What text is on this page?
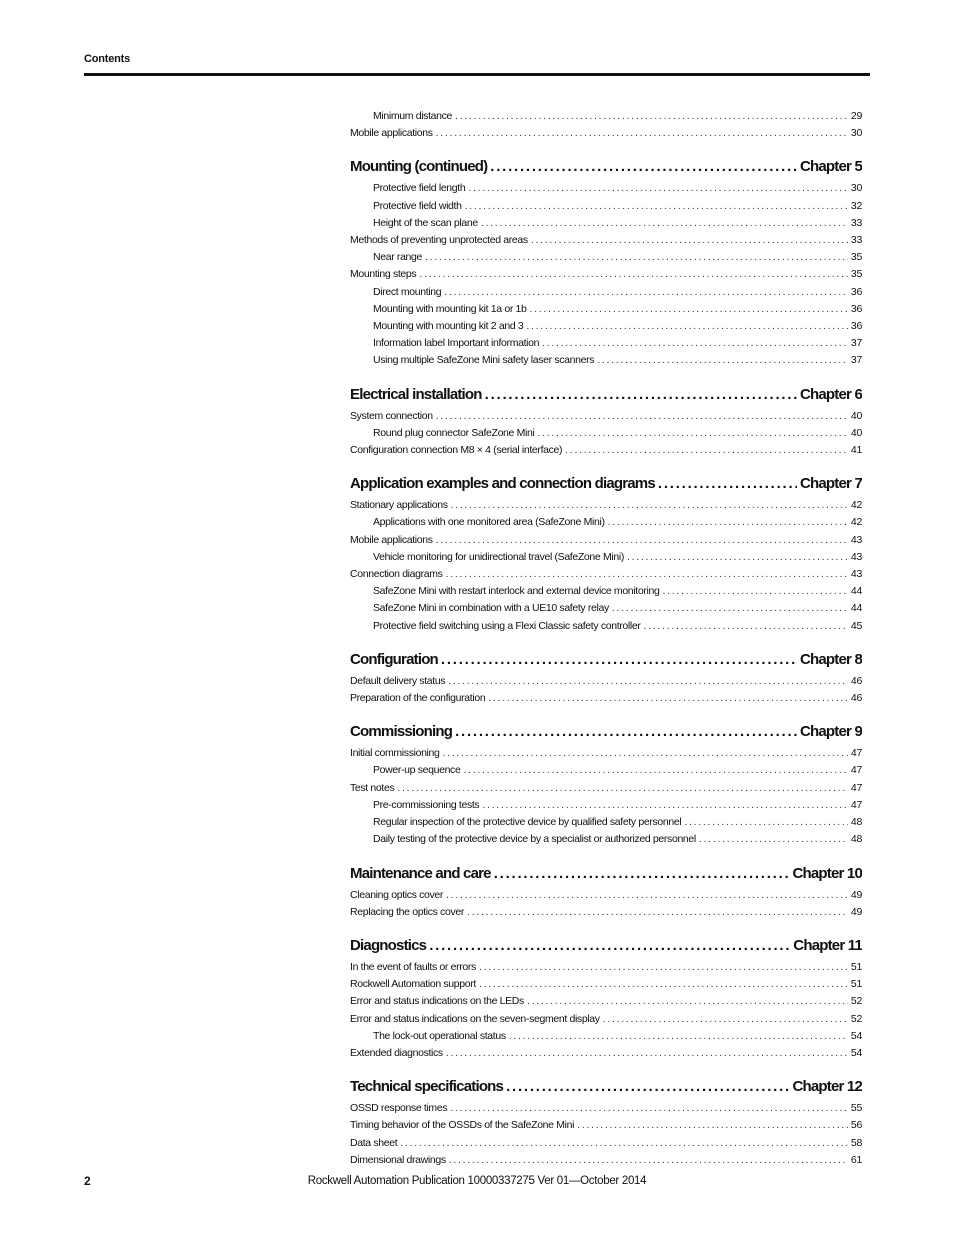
Contents
Minimum distance . . .	29
Mobile applications . . .	30
Mounting (continued) . . .	Chapter 5
Protective field length . . .	30
Protective field width . . .	32
Height of the scan plane . . .	33
Methods of preventing unprotected areas . . .	33
Near range . . .	35
Mounting steps . . .	35
Direct mounting . . .	36
Mounting with mounting kit 1a or 1b . . .	36
Mounting with mounting kit 2 and 3 . . .	36
Information label Important information . . .	37
Using multiple SafeZone Mini safety laser scanners . . .	37
Electrical installation . . .	Chapter 6
System connection . . .	40
Round plug connector SafeZone Mini . . .	40
Configuration connection M8 × 4 (serial interface) . . .	41
Application examples and connection diagrams . . .	Chapter 7
Stationary applications . . .	42
Applications with one monitored area (SafeZone Mini) . . .	42
Mobile applications . . .	43
Vehicle monitoring for unidirectional travel (SafeZone Mini) . . .	43
Connection diagrams . . .	43
SafeZone Mini with restart interlock and external device monitoring . . .	44
SafeZone Mini in combination with a UE10 safety relay . . .	44
Protective field switching using a Flexi Classic safety controller . . .	45
Configuration . . .	Chapter 8
Default delivery status . . .	46
Preparation of the configuration . . .	46
Commissioning . . .	Chapter 9
Initial commissioning . . .	47
Power-up sequence . . .	47
Test notes . . .	47
Pre-commissioning tests . . .	47
Regular inspection of the protective device by qualified safety personnel . . .	48
Daily testing of the protective device by a specialist or authorized personnel . . .	48
Maintenance and care . . .	Chapter 10
Cleaning optics cover . . .	49
Replacing the optics cover . . .	49
Diagnostics . . .	Chapter 11
In the event of faults or errors . . .	51
Rockwell Automation support . . .	51
Error and status indications on the LEDs . . .	52
Error and status indications on the seven-segment display . . .	52
The lock-out operational status . . .	54
Extended diagnostics . . .	54
Technical specifications . . .	Chapter 12
OSSD response times . . .	55
Timing behavior of the OSSDs of the SafeZone Mini . . .	56
Data sheet . . .	58
Dimensional drawings . . .	61
2	Rockwell Automation Publication 10000337275 Ver 01—October 2014
